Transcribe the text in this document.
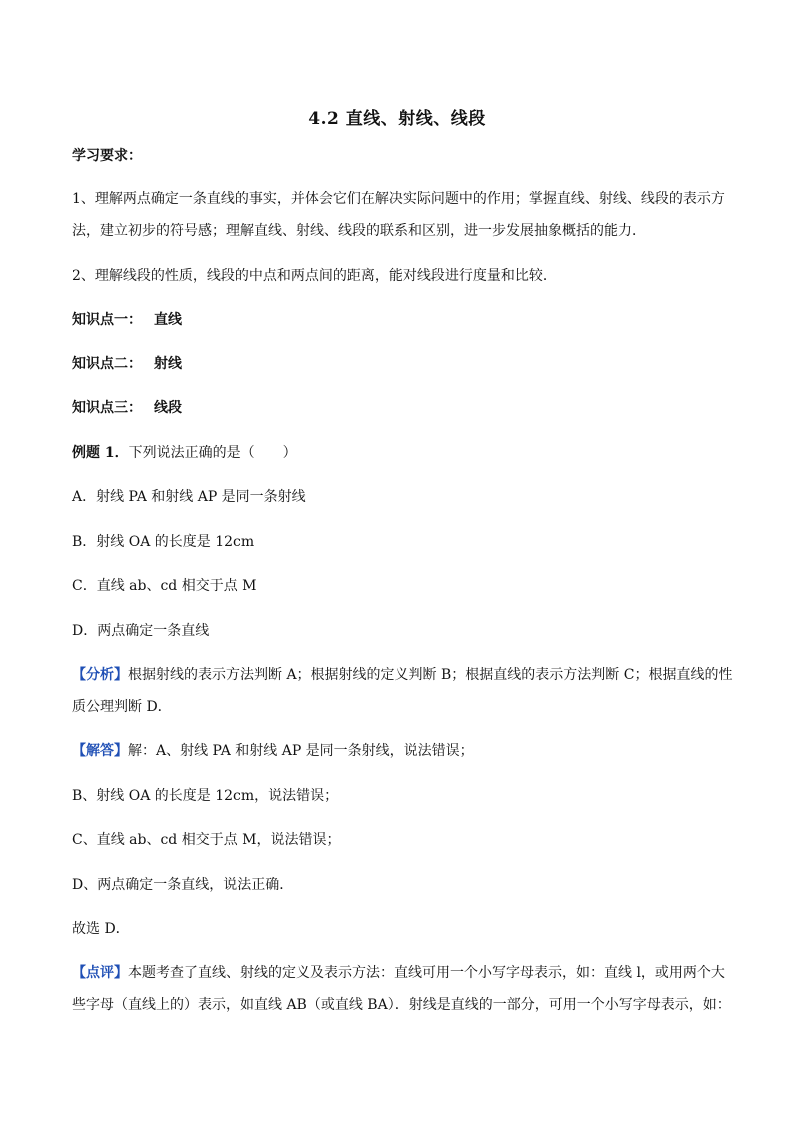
4.2 直线、射线、线段
学习要求：
1、理解两点确定一条直线的事实，并体会它们在解决实际问题中的作用；掌握直线、射线、线段的表示方
法，建立初步的符号感；理解直线、射线、线段的联系和区别，进一步发展抽象概括的能力．
2、理解线段的性质，线段的中点和两点间的距离，能对线段进行度量和比较．
知识点一： 直线
知识点二： 射线
知识点三： 线段
例题 1．下列说法正确的是（　　）
A．射线 PA 和射线 AP 是同一条射线
B．射线 OA 的长度是 12cm
C．直线 ab、cd 相交于点 M
D．两点确定一条直线
【分析】根据射线的表示方法判断 A；根据射线的定义判断 B；根据直线的表示方法判断 C；根据直线的性
质公理判断 D．
【解答】解：A、射线 PA 和射线 AP 是同一条射线，说法错误；
B、射线 OA 的长度是 12cm，说法错误；
C、直线 ab、cd 相交于点 M，说法错误；
D、两点确定一条直线，说法正确．
故选 D．
【点评】本题考查了直线、射线的定义及表示方法：直线可用一个小写字母表示，如：直线 l，或用两个大
些字母（直线上的）表示，如直线 AB（或直线 BA）．射线是直线的一部分，可用一个小写字母表示，如：
